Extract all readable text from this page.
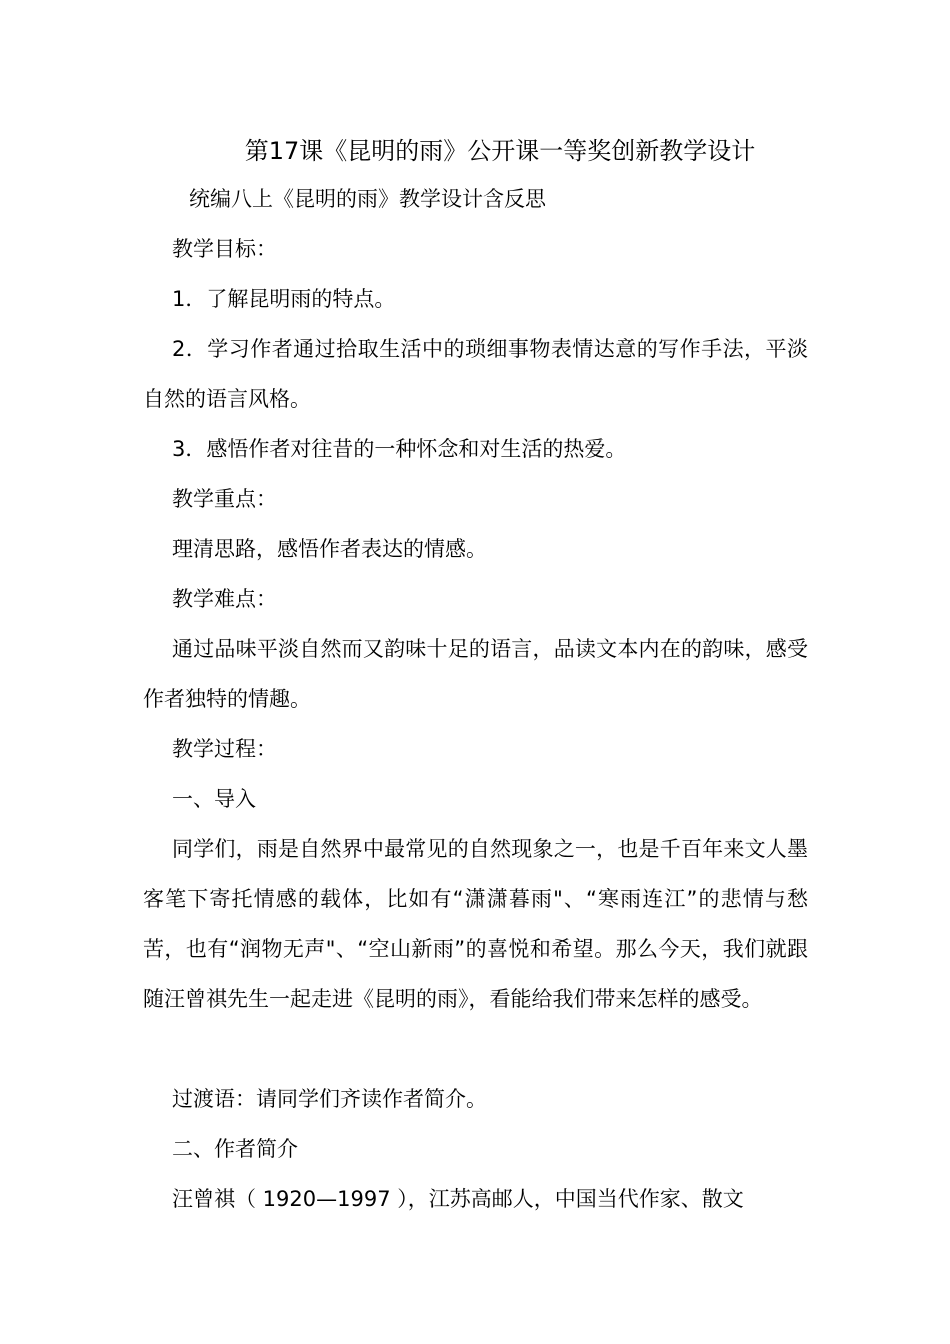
第17课《昆明的雨》公开课一等奖创新教学设计

统编八上《昆明的雨》教学设计含反思

教学目标：

1．了解昆明雨的特点。

2．学习作者通过拾取生活中的琐细事物表情达意的写作手法，平淡自然的语言风格。

3．感悟作者对往昔的一种怀念和对生活的热爱。

教学重点：

理清思路，感悟作者表达的情感。

教学难点：

通过品味平淡自然而又韵味十足的语言，品读文本内在的韵味，感受作者独特的情趣。

教学过程：

一、导入

同学们，雨是自然界中最常见的自然现象之一，也是千百年来文人墨客笔下寄托情感的载体，比如有“潇潇暮雨"、“寒雨连江”的悲情与愁苦，也有“润物无声"、“空山新雨”的喜悦和希望。那么今天，我们就跟随汪曾祺先生一起走进《昆明的雨》，看能给我们带来怎样的感受。

过渡语：请同学们齐读作者简介。

二、作者简介

汪曾祺（ 1920—1997 ），江苏高邮人，中国当代作家、散文
